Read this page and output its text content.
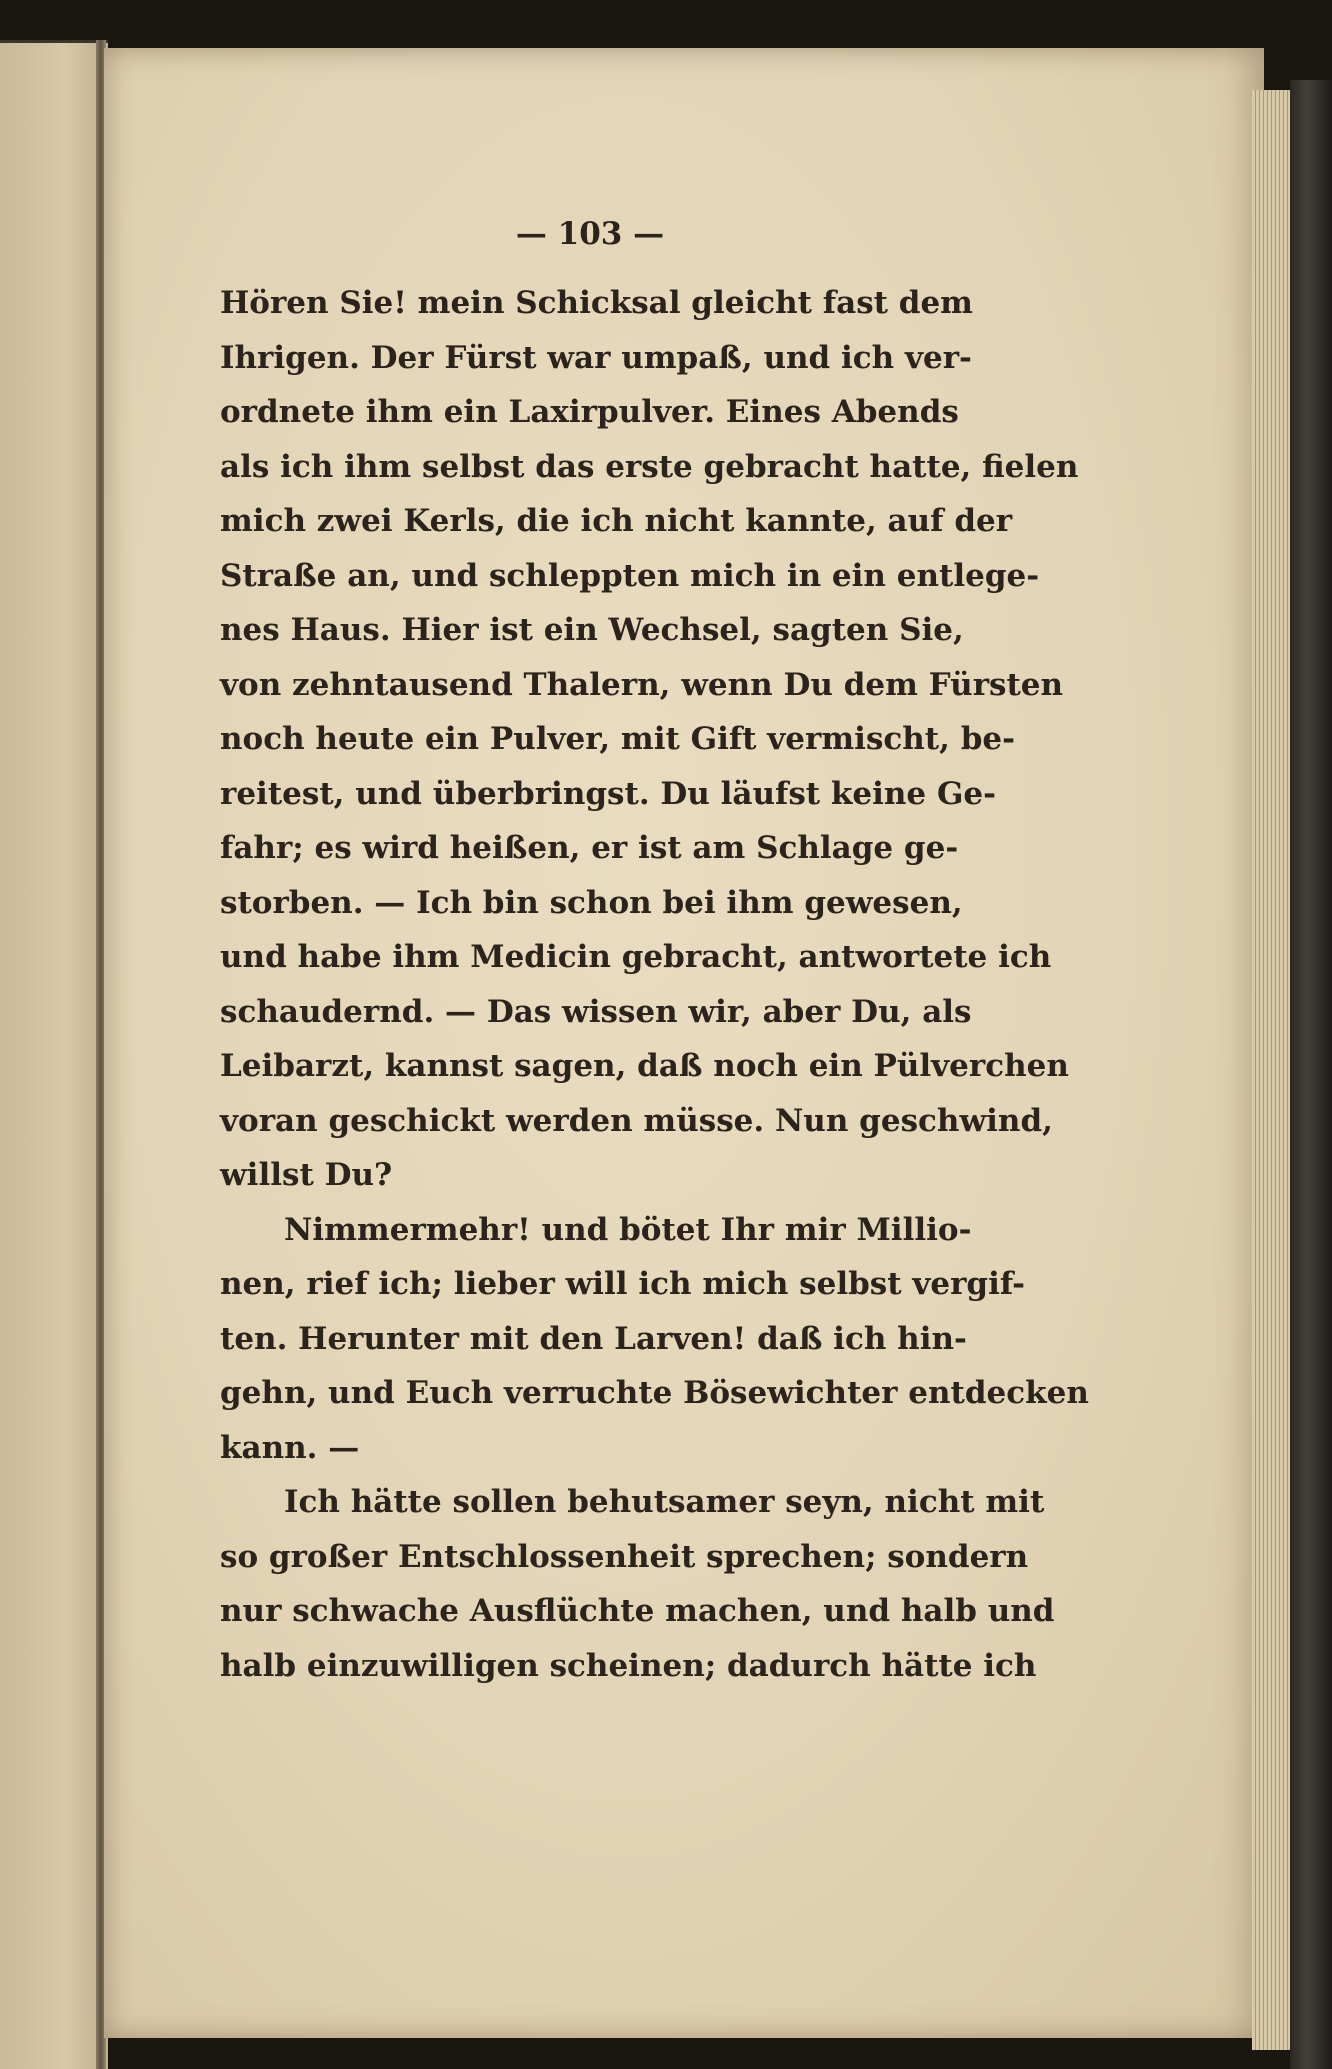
— 103 —

Hören Sie! mein Schicksal gleicht fast dem
Ihrigen. Der Fürst war umpaß, und ich ver-
ordnete ihm ein Laxirpulver. Eines Abends
als ich ihm selbst das erste gebracht hatte, fielen
mich zwei Kerls, die ich nicht kannte, auf der
Straße an, und schleppten mich in ein entlege-
nes Haus. Hier ist ein Wechsel, sagten Sie,
von zehntausend Thalern, wenn Du dem Fürsten
noch heute ein Pulver, mit Gift vermischt, be-
reitest, und überbringst. Du läufst keine Ge-
fahr; es wird heißen, er ist am Schlage ge-
storben. — Ich bin schon bei ihm gewesen,
und habe ihm Medicin gebracht, antwortete ich
schaudernd. — Das wissen wir, aber Du, als
Leibarzt, kannst sagen, daß noch ein Pülverchen
voran geschickt werden müsse. Nun geschwind,
willst Du?

Nimmermehr! und bötet Ihr mir Millio-
nen, rief ich; lieber will ich mich selbst vergif-
ten. Herunter mit den Larven! daß ich hin-
gehn, und Euch verruchte Bösewichter entdecken
kann. —

Ich hätte sollen behutsamer seyn, nicht mit
so großer Entschlossenheit sprechen; sondern
nur schwache Ausflüchte machen, und halb und
halb einzuwilligen scheinen; dadurch hätte ich
